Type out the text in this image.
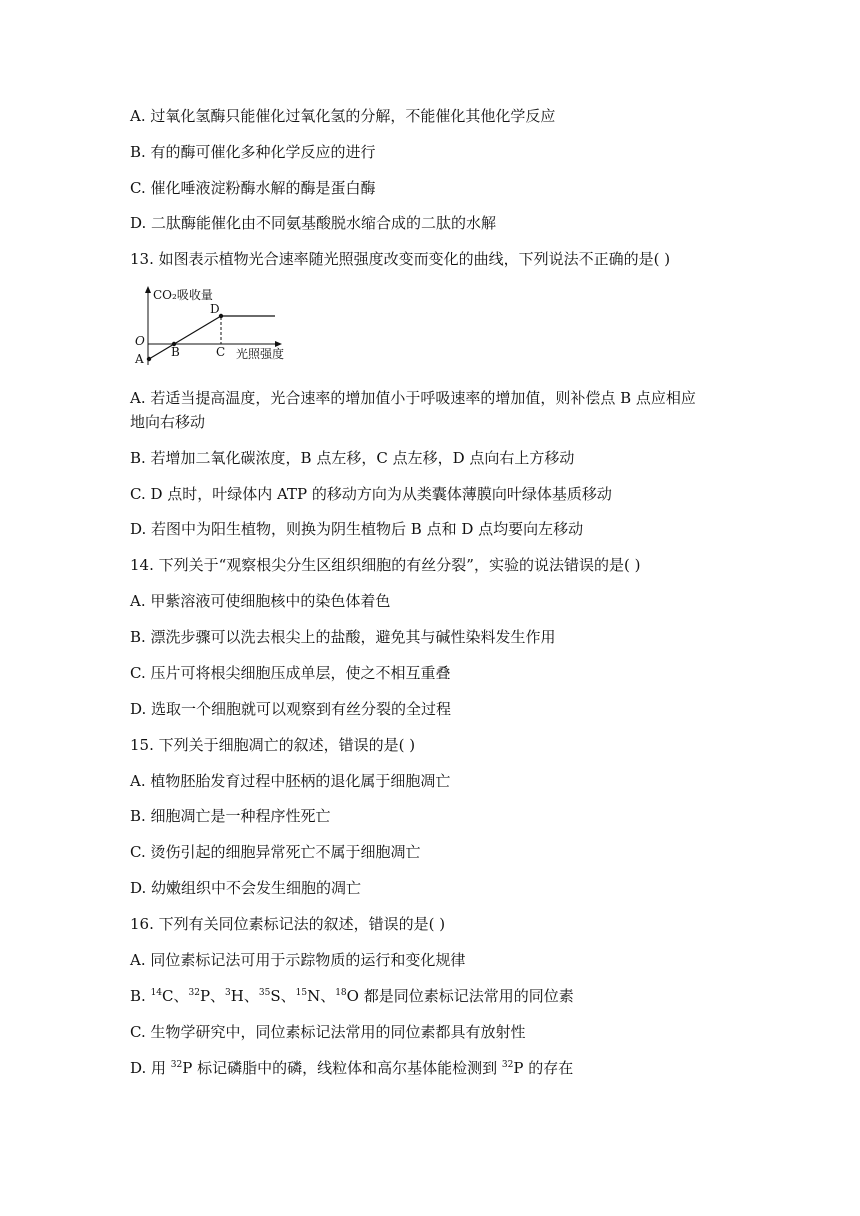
A. 过氧化氢酶只能催化过氧化氢的分解，不能催化其他化学反应
B. 有的酶可催化多种化学反应的进行
C. 催化唾液淀粉酶水解的酶是蛋白酶
D. 二肽酶能催化由不同氨基酸脱水缩合成的二肽的水解
13. 如图表示植物光合速率随光照强度改变而变化的曲线，下列说法不正确的是( )
CO₂吸收量
光照强度
O
A B	C
D
A. 若适当提高温度，光合速率的增加值小于呼吸速率的增加值，则补偿点 B 点应相应
地向右移动
B. 若增加二氧化碳浓度，B 点左移，C 点左移，D 点向右上方移动
C. D 点时，叶绿体内 ATP 的移动方向为从类囊体薄膜向叶绿体基质移动
D. 若图中为阳生植物，则换为阴生植物后 B 点和 D 点均要向左移动
14. 下列关于“观察根尖分生区组织细胞的有丝分裂”，实验的说法错误的是( )
A. 甲紫溶液可使细胞核中的染色体着色
B. 漂洗步骤可以洗去根尖上的盐酸，避免其与碱性染料发生作用
C. 压片可将根尖细胞压成单层，使之不相互重叠
D. 选取一个细胞就可以观察到有丝分裂的全过程
15. 下列关于细胞凋亡的叙述，错误的是( )
A. 植物胚胎发育过程中胚柄的退化属于细胞凋亡
B. 细胞凋亡是一种程序性死亡
C. 烫伤引起的细胞异常死亡不属于细胞凋亡
D. 幼嫩组织中不会发生细胞的凋亡
16. 下列有关同位素标记法的叙述，错误的是( )
A. 同位素标记法可用于示踪物质的运行和变化规律
B. $^{14}$C、$^{32}$P、$^3$H、$^{35}$S、$^{15}$N、$^{18}$O 都是同位素标记法常用的同位素
C. 生物学研究中，同位素标记法常用的同位素都具有放射性
D. 用 $^{32}$P 标记磷脂中的磷，线粒体和高尔基体能检测到 $^{32}$P 的存在
